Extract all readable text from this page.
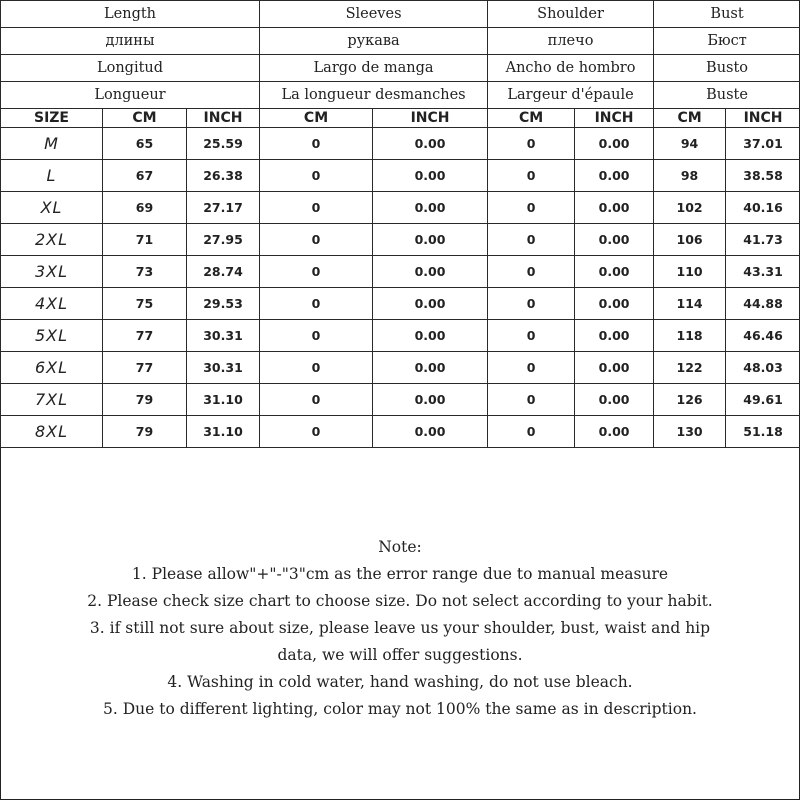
Length			Sleeves		Shoulder		Bust	
длины			рукава		плечо		Бюст	
Longitud			Largo de manga		Ancho de hombro		Busto	
Longueur			La longueur desmanches		Largeur d'épaule		Buste	
SIZE	CM	INCH	CM	INCH	CM	INCH	CM	INCH
M	65	25.59	0	0.00	0	0.00	94	37.01
L	67	26.38	0	0.00	0	0.00	98	38.58
XL	69	27.17	0	0.00	0	0.00	102	40.16
2XL	71	27.95	0	0.00	0	0.00	106	41.73
3XL	73	28.74	0	0.00	0	0.00	110	43.31
4XL	75	29.53	0	0.00	0	0.00	114	44.88
5XL	77	30.31	0	0.00	0	0.00	118	46.46
6XL	77	30.31	0	0.00	0	0.00	122	48.03
7XL	79	31.10	0	0.00	0	0.00	126	49.61
8XL	79	31.10	0	0.00	0	0.00	130	51.18
Note:
1. Please allow"+"-"3"cm as the error range due to manual measure
2. Please check size chart to choose size. Do not select according to your habit.
3. if still not sure about size, please leave us your shoulder, bust, waist and hip
data, we will offer suggestions.
4. Washing in cold water, hand washing, do not use bleach.
5. Due to different lighting, color may not 100% the same as in description.
